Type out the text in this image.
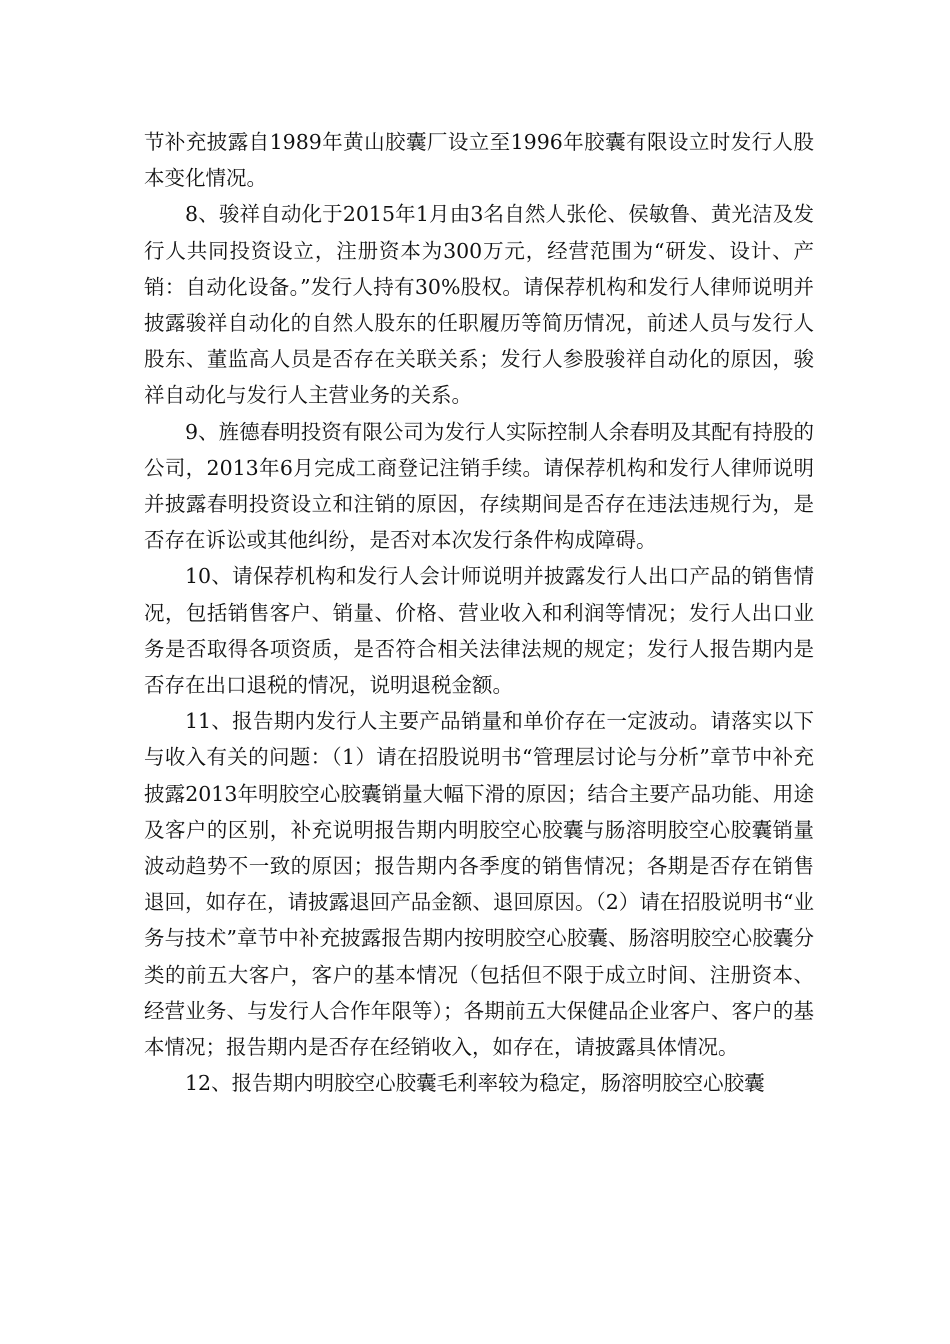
节补充披露自1989年黄山胶囊厂设立至1996年胶囊有限设立时发行人股本变化情况。

8、骏祥自动化于2015年1月由3名自然人张伦、侯敏鲁、黄光洁及发行人共同投资设立，注册资本为300万元，经营范围为“研发、设计、产销：自动化设备。”发行人持有30%股权。请保荐机构和发行人律师说明并披露骏祥自动化的自然人股东的任职履历等简历情况，前述人员与发行人股东、董监高人员是否存在关联关系；发行人参股骏祥自动化的原因，骏祥自动化与发行人主营业务的关系。

9、旌德春明投资有限公司为发行人实际控制人余春明及其配有持股的公司，2013年6月完成工商登记注销手续。请保荐机构和发行人律师说明并披露春明投资设立和注销的原因，存续期间是否存在违法违规行为，是否存在诉讼或其他纠纷，是否对本次发行条件构成障碍。

10、请保荐机构和发行人会计师说明并披露发行人出口产品的销售情况，包括销售客户、销量、价格、营业收入和利润等情况；发行人出口业务是否取得各项资质，是否符合相关法律法规的规定；发行人报告期内是否存在出口退税的情况，说明退税金额。

11、报告期内发行人主要产品销量和单价存在一定波动。请落实以下与收入有关的问题：（1）请在招股说明书“管理层讨论与分析”章节中补充披露2013年明胶空心胶囊销量大幅下滑的原因；结合主要产品功能、用途及客户的区别，补充说明报告期内明胶空心胶囊与肠溶明胶空心胶囊销量波动趋势不一致的原因；报告期内各季度的销售情况；各期是否存在销售退回，如存在，请披露退回产品金额、退回原因。（2）请在招股说明书“业务与技术”章节中补充披露报告期内按明胶空心胶囊、肠溶明胶空心胶囊分类的前五大客户，客户的基本情况（包括但不限于成立时间、注册资本、经营业务、与发行人合作年限等）；各期前五大保健品企业客户、客户的基本情况；报告期内是否存在经销收入，如存在，请披露具体情况。

12、报告期内明胶空心胶囊毛利率较为稳定，肠溶明胶空心胶囊
